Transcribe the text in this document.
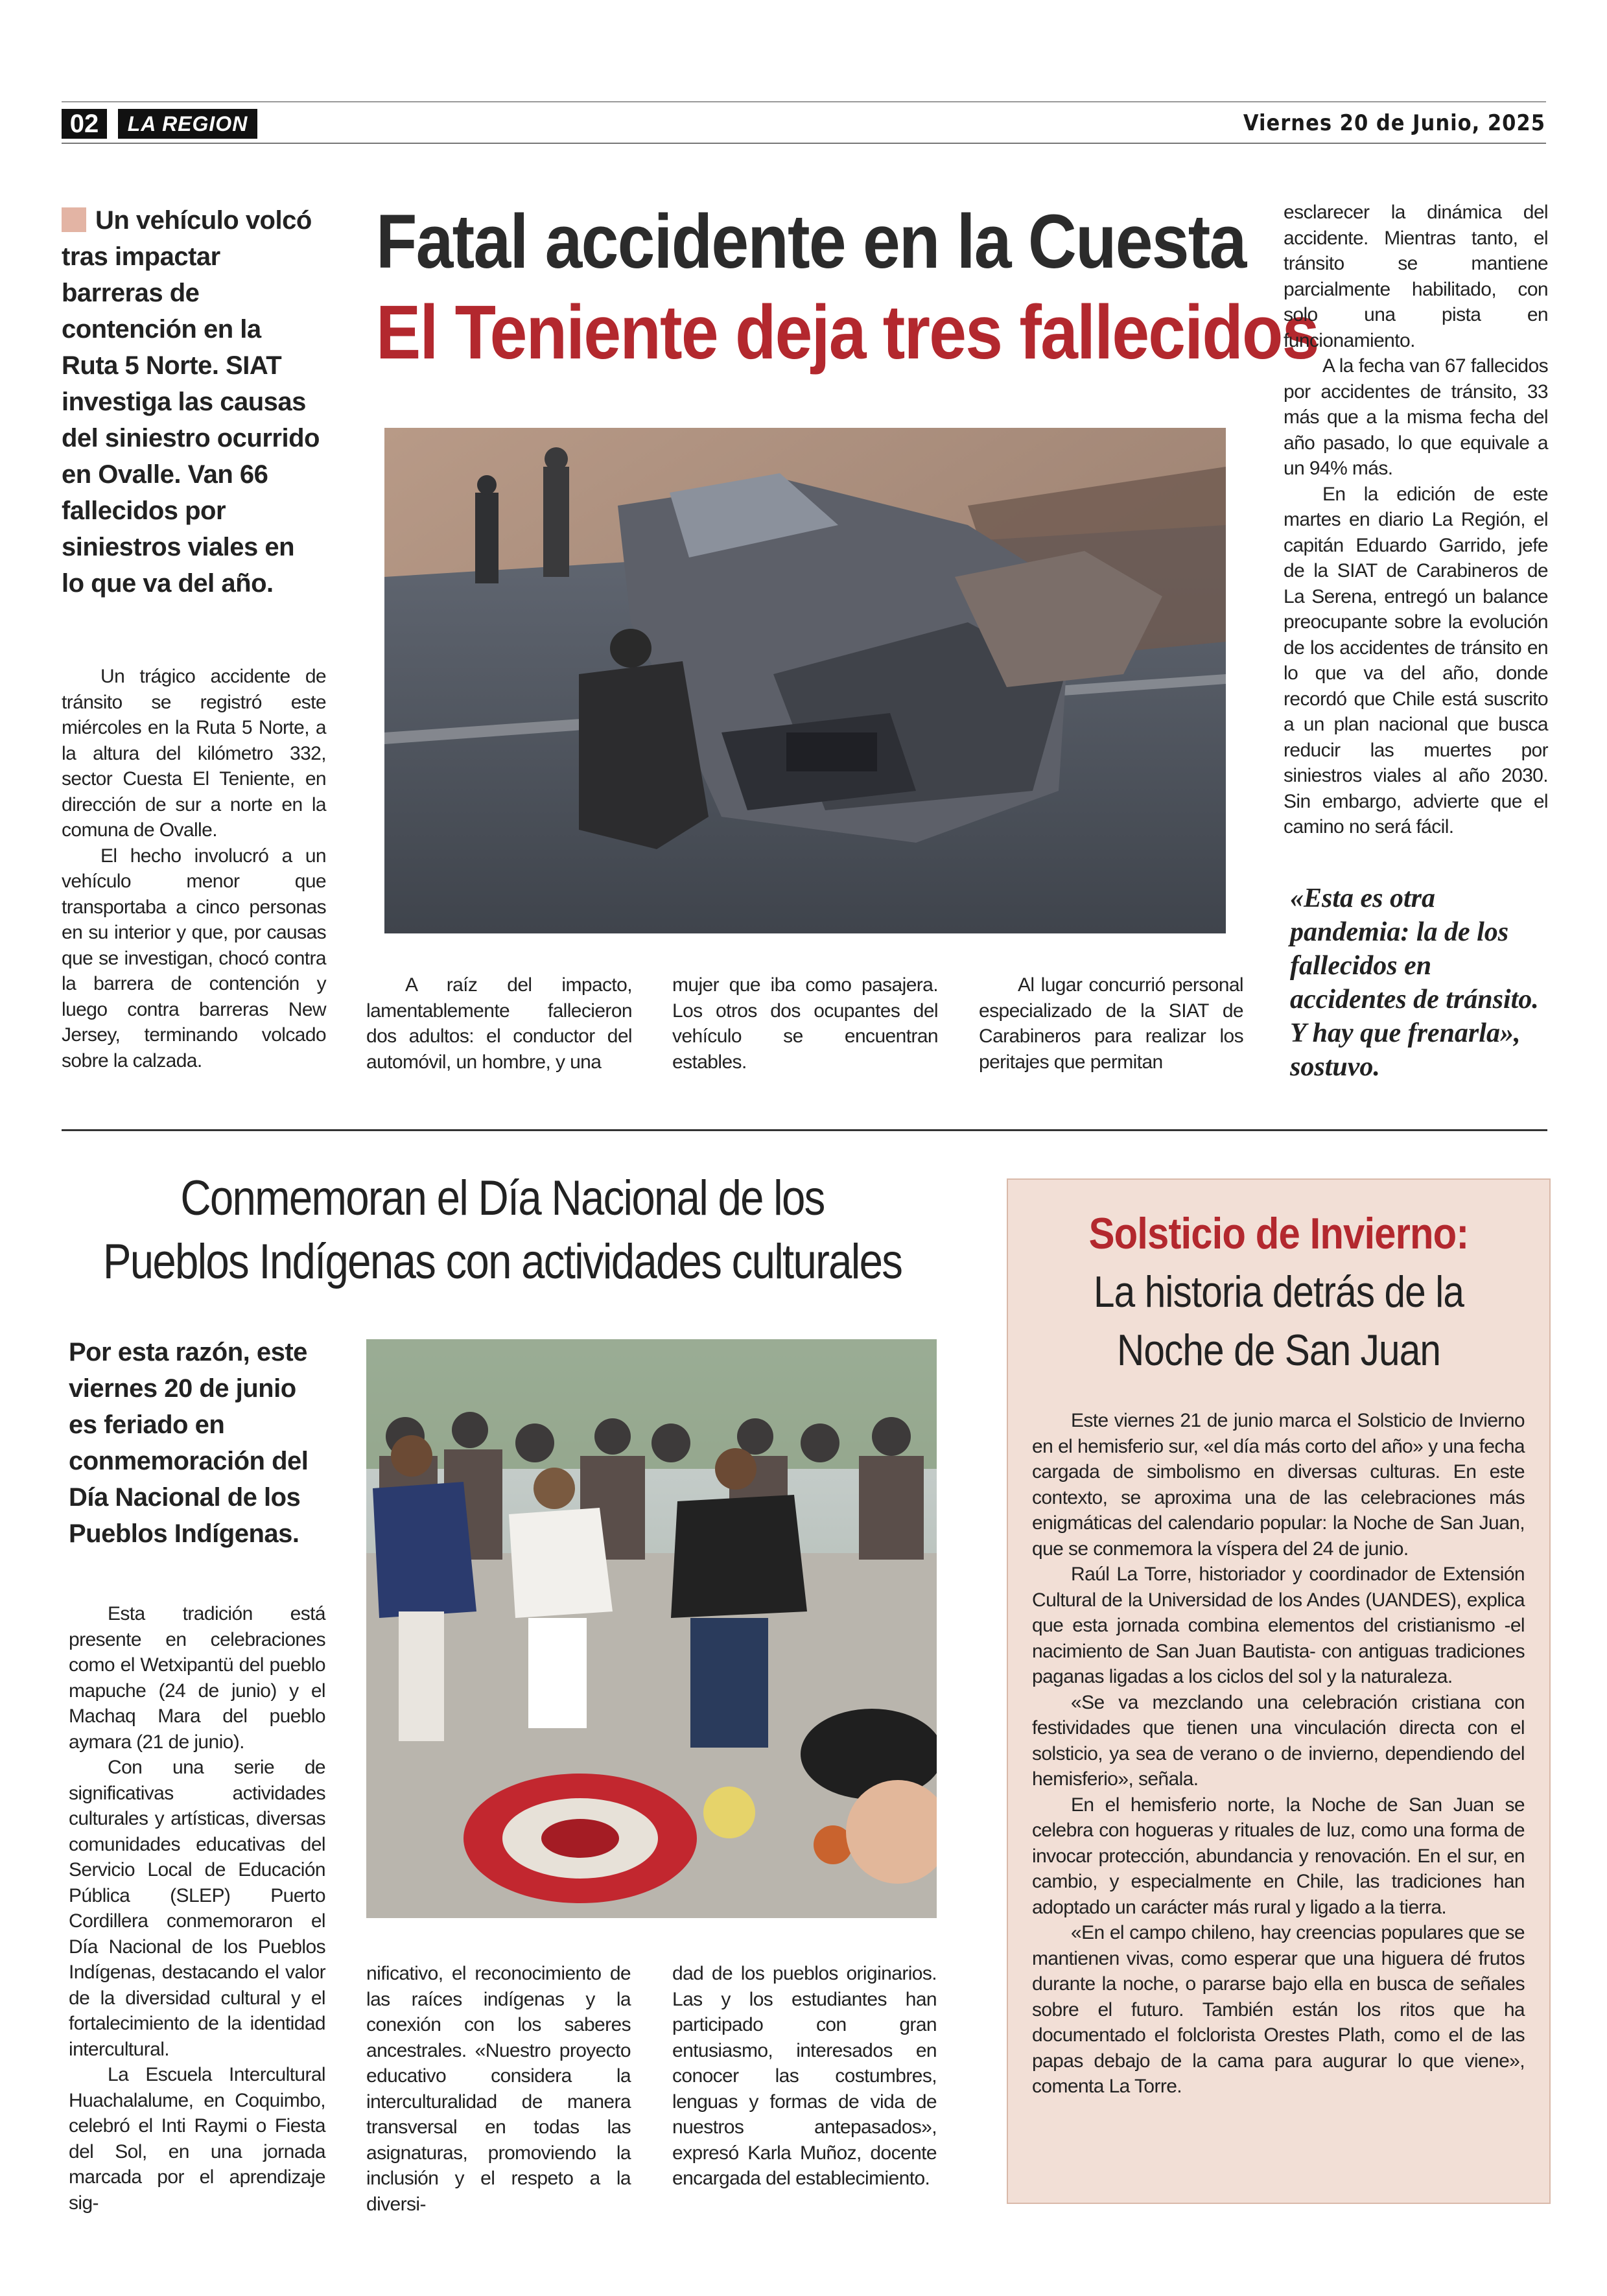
02	LA REGION	Viernes 20 de Junio, 2025

Un vehículo volcó tras impactar barreras de contención en la Ruta 5 Norte. SIAT investiga las causas del siniestro ocurrido en Ovalle. Van 66 fallecidos por siniestros viales en lo que va del año.

Fatal accidente en la Cuesta
El Teniente deja tres fallecidos

Un trágico accidente de tránsito se registró este miércoles en la Ruta 5 Norte, a la altura del kilómetro 332, sector Cuesta El Teniente, en dirección de sur a norte en la comuna de Ovalle.

El hecho involucró a un vehículo menor que transportaba a cinco personas en su interior y que, por causas que se investigan, chocó contra la barrera de contención y luego contra barreras New Jersey, terminando volcado sobre la calzada.

A raíz del impacto, lamentablemente fallecieron dos adultos: el conductor del automóvil, un hombre, y una

mujer que iba como pasajera. Los otros dos ocupantes del vehículo se encuentran estables.

Al lugar concurrió personal especializado de la SIAT de Carabineros para realizar los peritajes que permitan

esclarecer la dinámica del accidente. Mientras tanto, el tránsito se mantiene parcialmente habilitado, con solo una pista en funcionamiento.

A la fecha van 67 fallecidos por accidentes de tránsito, 33 más que a la misma fecha del año pasado, lo que equivale a un 94% más.

En la edición de este martes en diario La Región, el capitán Eduardo Garrido, jefe de la SIAT de Carabineros de La Serena, entregó un balance preocupante sobre la evolución de los accidentes de tránsito en lo que va del año, donde recordó que Chile está suscrito a un plan nacional que busca reducir las muertes por siniestros viales al año 2030. Sin embargo, advierte que el camino no será fácil.

«Esta es otra pandemia: la de los fallecidos en accidentes de tránsito. Y hay que frenarla», sostuvo.
Conmemoran el Día Nacional de los
Pueblos Indígenas con actividades culturales
Por esta razón, este viernes 20 de junio es feriado en conmemoración del Día Nacional de los Pueblos Indígenas.

Esta tradición está presente en celebraciones como el Wetxipantü del pueblo mapuche (24 de junio) y el Machaq Mara del pueblo aymara (21 de junio).

Con una serie de significativas actividades culturales y artísticas, diversas comunidades educativas del Servicio Local de Educación Pública (SLEP) Puerto Cordillera conmemoraron el Día Nacional de los Pueblos Indígenas, destacando el valor de la diversidad cultural y el fortalecimiento de la identidad intercultural.

La Escuela Intercultural Huachalalume, en Coquimbo, celebró el Inti Raymi o Fiesta del Sol, en una jornada marcada por el aprendizaje sig-

nificativo, el reconocimiento de las raíces indígenas y la conexión con los saberes ancestrales. «Nuestro proyecto educativo considera la interculturalidad de manera transversal en todas las asignaturas, promoviendo la inclusión y el respeto a la diversi-

dad de los pueblos originarios. Las y los estudiantes han participado con gran entusiasmo, interesados en conocer las costumbres, lenguas y formas de vida de nuestros antepasados», expresó Karla Muñoz, docente encargada del establecimiento.

Solsticio de Invierno:
La historia detrás de la
Noche de San Juan

Este viernes 21 de junio marca el Solsticio de Invierno en el hemisferio sur, «el día más corto del año» y una fecha cargada de simbolismo en diversas culturas. En este contexto, se aproxima una de las celebraciones más enigmáticas del calendario popular: la Noche de San Juan, que se conmemora la víspera del 24 de junio.

Raúl La Torre, historiador y coordinador de Extensión Cultural de la Universidad de los Andes (UANDES), explica que esta jornada combina elementos del cristianismo -el nacimiento de San Juan Bautista- con antiguas tradiciones paganas ligadas a los ciclos del sol y la naturaleza.

«Se va mezclando una celebración cristiana con festividades que tienen una vinculación directa con el solsticio, ya sea de verano o de invierno, dependiendo del hemisferio», señala.

En el hemisferio norte, la Noche de San Juan se celebra con hogueras y rituales de luz, como una forma de invocar protección, abundancia y renovación. En el sur, en cambio, y especialmente en Chile, las tradiciones han adoptado un carácter más rural y ligado a la tierra.

«En el campo chileno, hay creencias populares que se mantienen vivas, como esperar que una higuera dé frutos durante la noche, o pararse bajo ella en busca de señales sobre el futuro. También están los ritos que ha documentado el folclorista Orestes Plath, como el de las papas debajo de la cama para augurar lo que viene», comenta La Torre.
